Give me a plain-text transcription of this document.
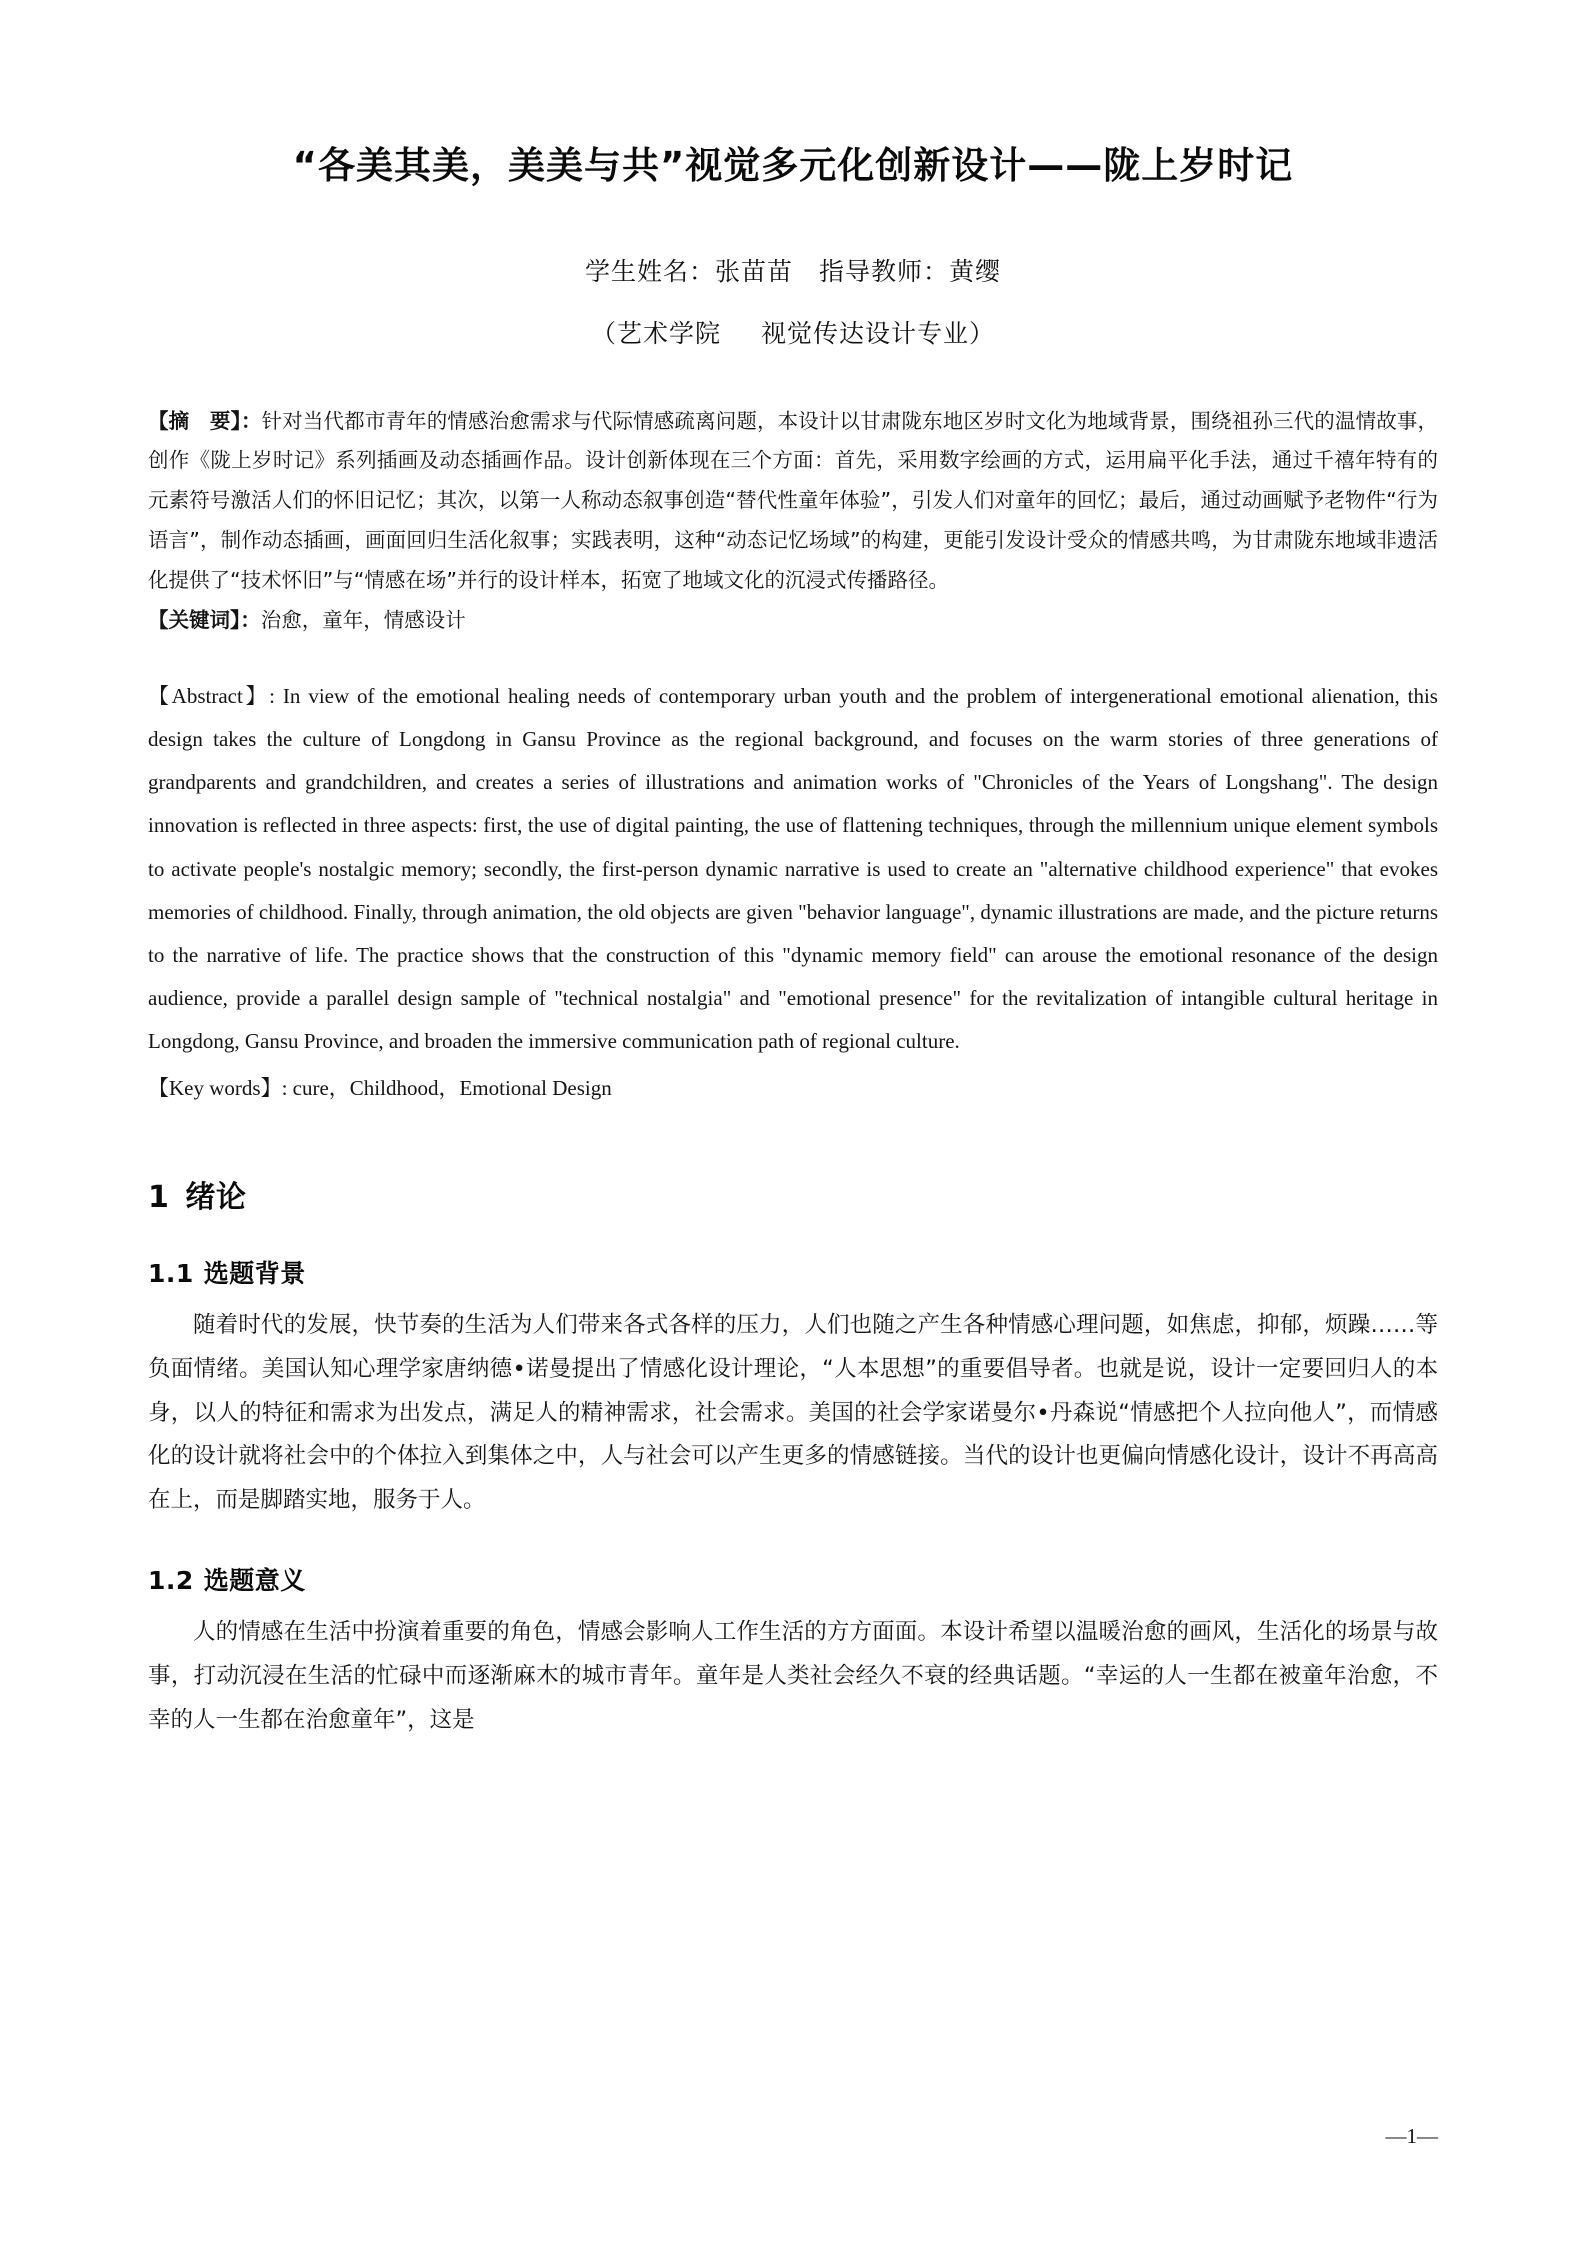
“各美其美，美美与共”视觉多元化创新设计——陇上岁时记
学生姓名：张苗苗 指导教师：黄缨
（艺术学院 视觉传达设计专业）
【摘　要】：针对当代都市青年的情感治愈需求与代际情感疏离问题，本设计以甘肃陇东地区岁时文化为地域背景，围绕祖孙三代的温情故事，创作《陇上岁时记》系列插画及动态插画作品。设计创新体现在三个方面：首先，采用数字绘画的方式，运用扁平化手法，通过千禧年特有的元素符号激活人们的怀旧记忆；其次，以第一人称动态叙事创造“替代性童年体验”，引发人们对童年的回忆；最后，通过动画赋予老物件“行为语言”，制作动态插画，画面回归生活化叙事；实践表明，这种“动态记忆场域”的构建，更能引发设计受众的情感共鸣，为甘肃陇东地域非遗活化提供了“技术怀旧”与“情感在场”并行的设计样本，拓宽了地域文化的沉浸式传播路径。
【关键词】：治愈，童年，情感设计
【Abstract】: In view of the emotional healing needs of contemporary urban youth and the problem of intergenerational emotional alienation, this design takes the culture of Longdong in Gansu Province as the regional background, and focuses on the warm stories of three generations of grandparents and grandchildren, and creates a series of illustrations and animation works of "Chronicles of the Years of Longshang". The design innovation is reflected in three aspects: first, the use of digital painting, the use of flattening techniques, through the millennium unique element symbols to activate people's nostalgic memory; secondly, the first-person dynamic narrative is used to create an "alternative childhood experience" that evokes memories of childhood. Finally, through animation, the old objects are given "behavior language", dynamic illustrations are made, and the picture returns to the narrative of life. The practice shows that the construction of this "dynamic memory field" can arouse the emotional resonance of the design audience, provide a parallel design sample of "technical nostalgia" and "emotional presence" for the revitalization of intangible cultural heritage in Longdong, Gansu Province, and broaden the immersive communication path of regional culture.
【Key words】: cure，Childhood，Emotional Design
1 绪论
1.1 选题背景

随着时代的发展，快节奏的生活为人们带来各式各样的压力，人们也随之产生各种情感心理问题，如焦虑，抑郁，烦躁……等负面情绪。美国认知心理学家唐纳德•诺曼提出了情感化设计理论，“人本思想”的重要倡导者。也就是说，设计一定要回归人的本身，以人的特征和需求为出发点，满足人的精神需求，社会需求。美国的社会学家诺曼尔•丹森说“情感把个人拉向他人”，而情感化的设计就将社会中的个体拉入到集体之中，人与社会可以产生更多的情感链接。当代的设计也更偏向情感化设计，设计不再高高在上，而是脚踏实地，服务于人。

1.2 选题意义

人的情感在生活中扮演着重要的角色，情感会影响人工作生活的方方面面。本设计希望以温暖治愈的画风，生活化的场景与故事，打动沉浸在生活的忙碌中而逐渐麻木的城市青年。童年是人类社会经久不衰的经典话题。“幸运的人一生都在被童年治愈，不幸的人一生都在治愈童年”，这是

—1—
